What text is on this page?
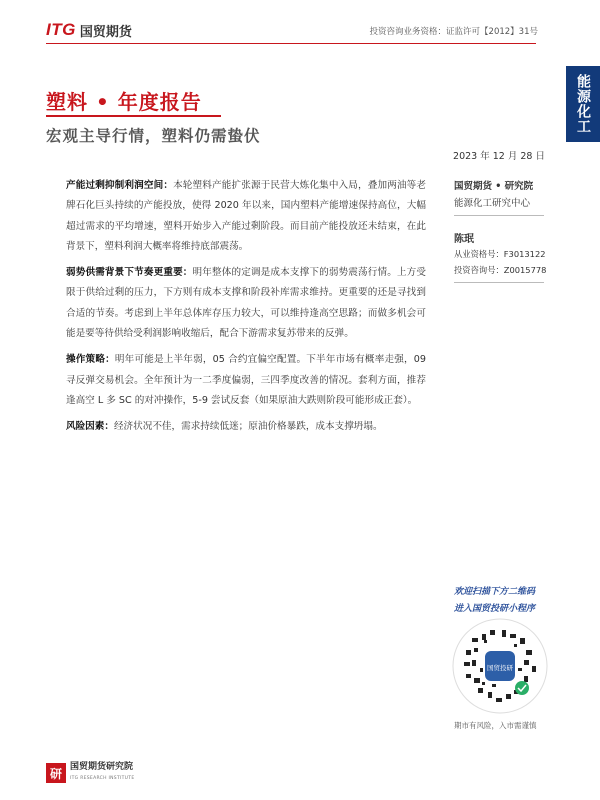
ITG 国贸期货	投资咨询业务资格：证监许可【2012】31号
能源化工
塑料 • 年度报告
宏观主导行情，塑料仍需蛰伏
2023 年 12 月 28 日

产能过剩抑制利润空间：本轮塑料产能扩张源于民营大炼化集中入局，叠加两油等老牌石化巨头持续的产能投放，使得 2020 年以来，国内塑料产能增速保持高位，大幅超过需求的平均增速，塑料开始步入产能过剩阶段。而目前产能投放还未结束，在此背景下，塑料利润大概率将维持底部震荡。

弱势供需背景下节奏更重要：明年整体的定调是成本支撑下的弱势震荡行情。上方受限于供给过剩的压力，下方则有成本支撑和阶段补库需求维持。更重要的还是寻找到合适的节奏。考虑到上半年总体库存压力较大，可以维持逢高空思路；而做多机会可能是要等待供给受利润影响收缩后，配合下游需求复苏带来的反弹。

操作策略：明年可能是上半年弱，05 合约宜偏空配置。下半年市场有概率走强，09 寻反弹交易机会。全年预计为一二季度偏弱，三四季度改善的情况。套利方面，推荐逢高空 L 多 SC 的对冲操作，5-9 尝试反套（如果原油大跌则阶段可能形成正套）。

风险因素：经济状况不佳，需求持续低迷；原油价格暴跌，成本支撑坍塌。

国贸期货 • 研究院
能源化工研究中心
陈珉
从业资格号：F3013122
投资咨询号：Z0015778
欢迎扫描下方二维码
进入国贸投研小程序
国贸投研
期市有风险，入市需谨慎
研 国贸期货研究院
ITG RESEARCH INSTITUTE
